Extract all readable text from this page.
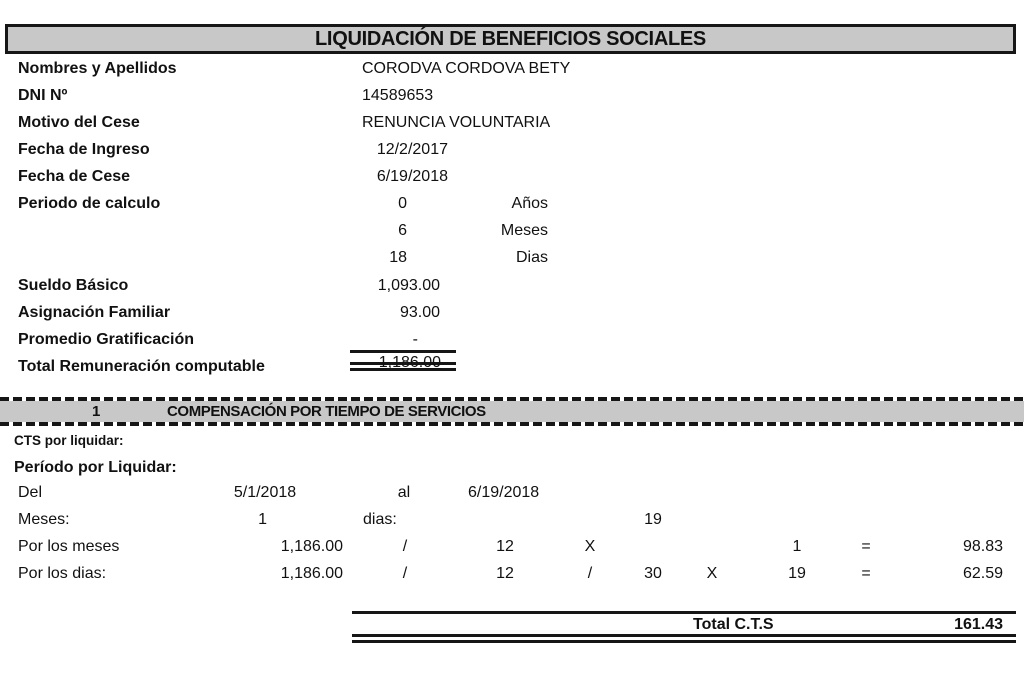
LIQUIDACIÓN DE BENEFICIOS SOCIALES
Nombres y Apellidos	CORODVA CORDOVA BETY
DNI Nº	14589653
Motivo del Cese	RENUNCIA VOLUNTARIA
Fecha de Ingreso	12/2/2017
Fecha de Cese	6/19/2018
Periodo de calculo	0	Años
6	Meses
18	Dias
Sueldo Básico	1,093.00
Asignación Familiar	93.00
Promedio Gratificación	-
Total Remuneración computable	1,186.00
1	COMPENSACIÓN POR TIEMPO DE SERVICIOS
CTS por liquidar:
Período por Liquidar:
Del	5/1/2018	al	6/19/2018
Meses:	1	dias:	19
Por los meses	1,186.00	/	12	X	1	=	98.83
Por los dias:	1,186.00	/	12	/	30	X	19	=	62.59
Total C.T.S	161.43
